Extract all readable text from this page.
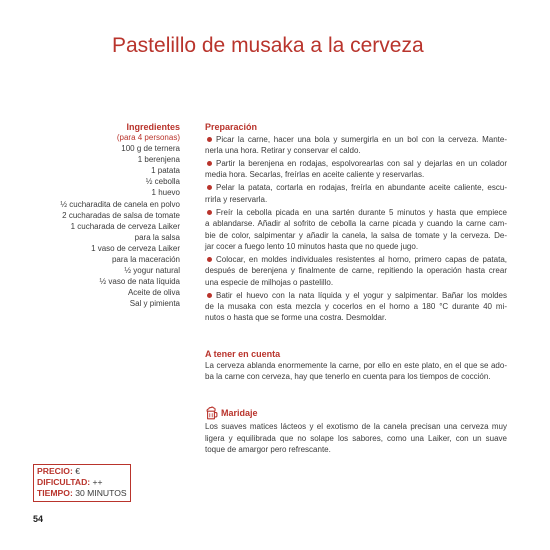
Pastelillo de musaka a la cerveza
Ingredientes
(para 4 personas)
100 g de ternera
1 berenjena
1 patata
½ cebolla
1 huevo
½ cucharadita de canela en polvo
2 cucharadas de salsa de tomate
1 cucharada de cerveza Laiker
para la salsa
1 vaso de cerveza Laiker
para la maceración
½ yogur natural
½ vaso de nata líquida
Aceite de oliva
Sal y pimienta
Preparación
Picar la carne, hacer una bola y sumergirla en un bol con la cerveza. Mante-
nerla una hora. Retirar y conservar el caldo.
Partir la berenjena en rodajas, espolvorearlas con sal y dejarlas en un colador
media hora. Secarlas, freírlas en aceite caliente y reservarlas.
Pelar la patata, cortarla en rodajas, freírla en abundante aceite caliente, escu-
rrirla y reservarla.
Freír la cebolla picada en una sartén durante 5 minutos y hasta que empiece
a ablandarse. Añadir al sofrito de cebolla la carne picada y cuando la carne cam-
bie de color, salpimentar y añadir la canela, la salsa de tomate y la cerveza. De-
jar cocer a fuego lento 10 minutos hasta que no quede jugo.
Colocar, en moldes individuales resistentes al horno, primero capas de patata,
después de berenjena y finalmente de carne, repitiendo la operación hasta crear
una especie de milhojas o pastelillo.
Batir el huevo con la nata líquida y el yogur y salpimentar. Bañar los moldes
de la musaka con esta mezcla y cocerlos en el horno a 180 °C durante 40 mi-
nutos o hasta que se forme una costra. Desmoldar.
A tener en cuenta
La cerveza ablanda enormemente la carne, por ello en este plato, en el que se ado-
ba la carne con cerveza, hay que tenerlo en cuenta para los tiempos de cocción.
Maridaje
Los suaves matices lácteos y el exotismo de la canela precisan una cerveza muy
ligera y equilibrada que no solape los sabores, como una Laiker, con un suave
toque de amargor pero refrescante.
PRECIO: €
DIFICULTAD: ++
TIEMPO: 30 MINUTOS
54
